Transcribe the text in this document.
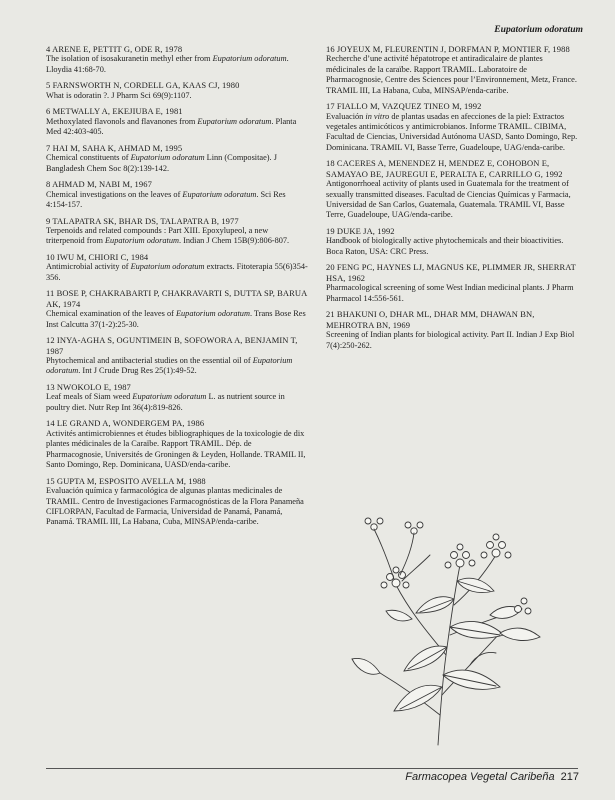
Eupatorium odoratum
4 ARENE E, PETTIT G, ODE R, 1978

The isolation of isosakuranetin methyl ether from Eupatorium odoratum. Lloydia 41:68-70.

5 FARNSWORTH N, CORDELL GA, KAAS CJ, 1980

What is odoratin ?. J Pharm Sci 69(9):1107.

6 METWALLY A, EKEJIUBA E, 1981

Methoxylated flavonols and flavanones from Eupatorium odoratum. Planta Med 42:403-405.

7 HAI M, SAHA K, AHMAD M, 1995

Chemical constituents of Eupatorium odoratum Linn (Compositae). J Bangladesh Chem Soc 8(2):139-142.

8 AHMAD M, NABI M, 1967

Chemical investigations on the leaves of Eupatorium odoratum. Sci Res 4:154-157.

9 TALAPATRA SK, BHAR DS, TALAPATRA B, 1977

Terpenoids and related compounds : Part XIII. Epoxylupeol, a new triterpenoid from Eupatorium odoratum. Indian J Chem 15B(9):806-807.

10 IWU M, CHIORI C, 1984

Antimicrobial activity of Eupatorium odoratum extracts. Fitoterapia 55(6)354-356.

11 BOSE P, CHAKRABARTI P, CHAKRAVARTI S, DUTTA SP, BARUA AK, 1974

Chemical examination of the leaves of Eupatorium odoratum. Trans Bose Res Inst Calcutta 37(1-2):25-30.

12 INYA-AGHA S, OGUNTIMEIN B, SOFOWORA A, BENJAMIN T, 1987

Phytochemical and antibacterial studies on the essential oil of Eupatorium odoratum. Int J Crude Drug Res 25(1):49-52.

13 NWOKOLO E, 1987

Leaf meals of Siam weed Eupatorium odoratum L. as nutrient source in poultry diet. Nutr Rep Int 36(4):819-826.

14 LE GRAND A, WONDERGEM PA, 1986

Activités antimicrobiennes et études bibliographiques de la toxicologie de dix plantes médicinales de la Caraïbe. Rapport TRAMIL. Dép. de Pharmacognosie, Universités de Groningen & Leyden, Hollande. TRAMIL II, Santo Domingo, Rep. Dominicana, UASD/enda-caribe.

15 GUPTA M, ESPOSITO AVELLA M, 1988

Evaluación química y farmacológica de algunas plantas medicinales de TRAMIL. Centro de Investigaciones Farmacognósticas de la Flora Panameña CIFLORPAN, Facultad de Farmacia, Universidad de Panamá, Panamá, Panamá. TRAMIL III, La Habana, Cuba, MINSAP/enda-caribe.

16 JOYEUX M, FLEURENTIN J, DORFMAN P, MONTIER F, 1988

Recherche d’une activité hépatotrope et antiradicalaire de plantes médicinales de la caraïbe. Rapport TRAMIL. Laboratoire de Pharmacognosie, Centre des Sciences pour l’Environnement, Metz, France. TRAMIL III, La Habana, Cuba, MINSAP/enda-caribe.

17 FIALLO M, VAZQUEZ TINEO M, 1992

Evaluación in vitro de plantas usadas en afecciones de la piel: Extractos vegetales antimicóticos y antimicrobianos. Informe TRAMIL. CIBIMA, Facultad de Ciencias, Universidad Autónoma UASD, Santo Domingo, Rep. Dominicana. TRAMIL VI, Basse Terre, Guadeloupe, UAG/enda-caribe.

18 CACERES A, MENENDEZ H, MENDEZ E, COHOBON E, SAMAYAO BE, JAUREGUI E, PERALTA E, CARRILLO G, 1992

Antigonorrhoeal activity of plants used in Guatemala for the treatment of sexually transmitted diseases. Facultad de Ciencias Químicas y Farmacia, Universidad de San Carlos, Guatemala, Guatemala. TRAMIL VI, Basse Terre, Guadeloupe, UAG/enda-caribe.

19 DUKE JA, 1992

Handbook of biologically active phytochemicals and their bioactivities. Boca Raton, USA: CRC Press.

20 FENG PC, HAYNES LJ, MAGNUS KE, PLIMMER JR, SHERRAT HSA, 1962

Pharmacological screening of some West Indian medicinal plants. J Pharm Pharmacol 14:556-561.

21 BHAKUNI O, DHAR ML, DHAR MM, DHAWAN BN, MEHROTRA BN, 1969

Screening of Indian plants for biological activity. Part II. Indian J Exp Biol 7(4):250-262.

Farmacopea Vegetal Caribeña 217
